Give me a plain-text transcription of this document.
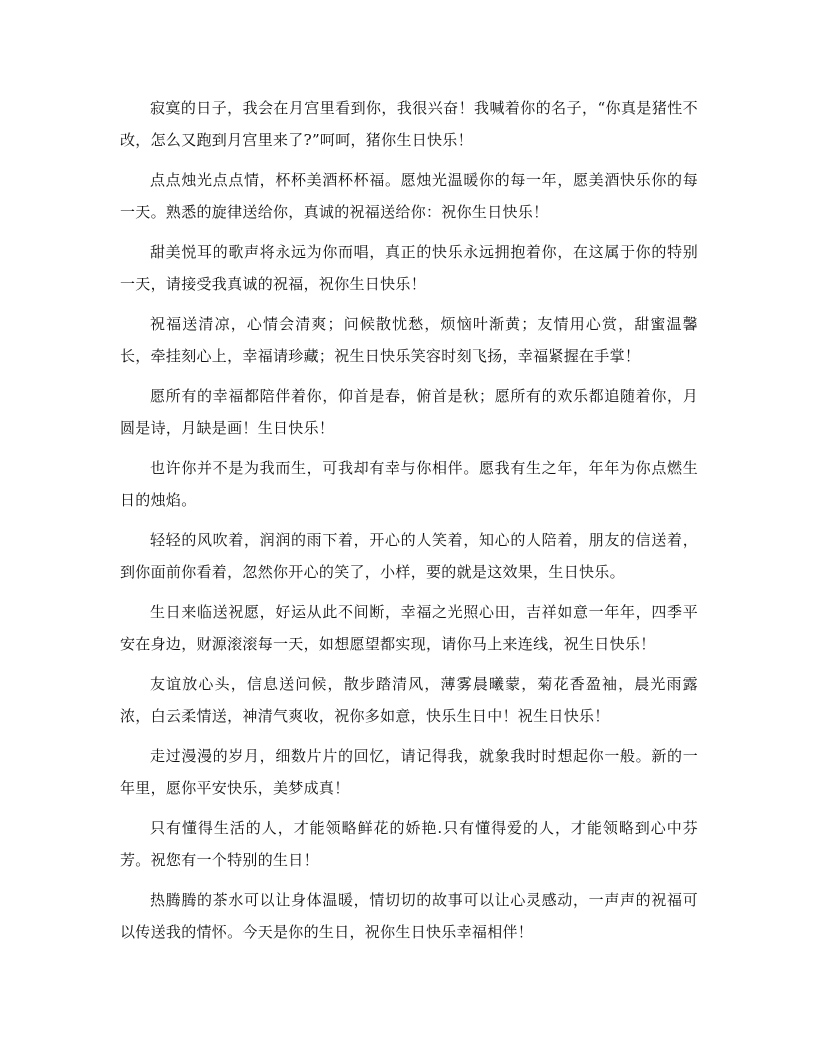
寂寞的日子，我会在月宫里看到你，我很兴奋！我喊着你的名子，“你真是猪性不改，怎么又跑到月宫里来了?”呵呵，猪你生日快乐！

点点烛光点点情，杯杯美酒杯杯福。愿烛光温暖你的每一年，愿美酒快乐你的每一天。熟悉的旋律送给你，真诚的祝福送给你：祝你生日快乐！

甜美悦耳的歌声将永远为你而唱，真正的快乐永远拥抱着你，在这属于你的特别一天，请接受我真诚的祝福，祝你生日快乐！

祝福送清凉，心情会清爽；问候散忧愁，烦恼叶渐黄；友情用心赏，甜蜜温馨长，牵挂刻心上，幸福请珍藏；祝生日快乐笑容时刻飞扬，幸福紧握在手掌！

愿所有的幸福都陪伴着你，仰首是春，俯首是秋；愿所有的欢乐都追随着你，月圆是诗，月缺是画！生日快乐！

也许你并不是为我而生，可我却有幸与你相伴。愿我有生之年，年年为你点燃生日的烛焰。

轻轻的风吹着，润润的雨下着，开心的人笑着，知心的人陪着，朋友的信送着，到你面前你看着，忽然你开心的笑了，小样，要的就是这效果，生日快乐。

生日来临送祝愿，好运从此不间断，幸福之光照心田，吉祥如意一年年，四季平安在身边，财源滚滚每一天，如想愿望都实现，请你马上来连线，祝生日快乐！

友谊放心头，信息送问候，散步踏清风，薄雾晨曦蒙，菊花香盈袖，晨光雨露浓，白云柔情送，神清气爽收，祝你多如意，快乐生日中！祝生日快乐！

走过漫漫的岁月，细数片片的回忆，请记得我，就象我时时想起你一般。新的一年里，愿你平安快乐，美梦成真！

只有懂得生活的人，才能领略鲜花的娇艳.只有懂得爱的人，才能领略到心中芬芳。祝您有一个特别的生日！

热腾腾的茶水可以让身体温暖，情切切的故事可以让心灵感动，一声声的祝福可以传送我的情怀。今天是你的生日，祝你生日快乐幸福相伴！
